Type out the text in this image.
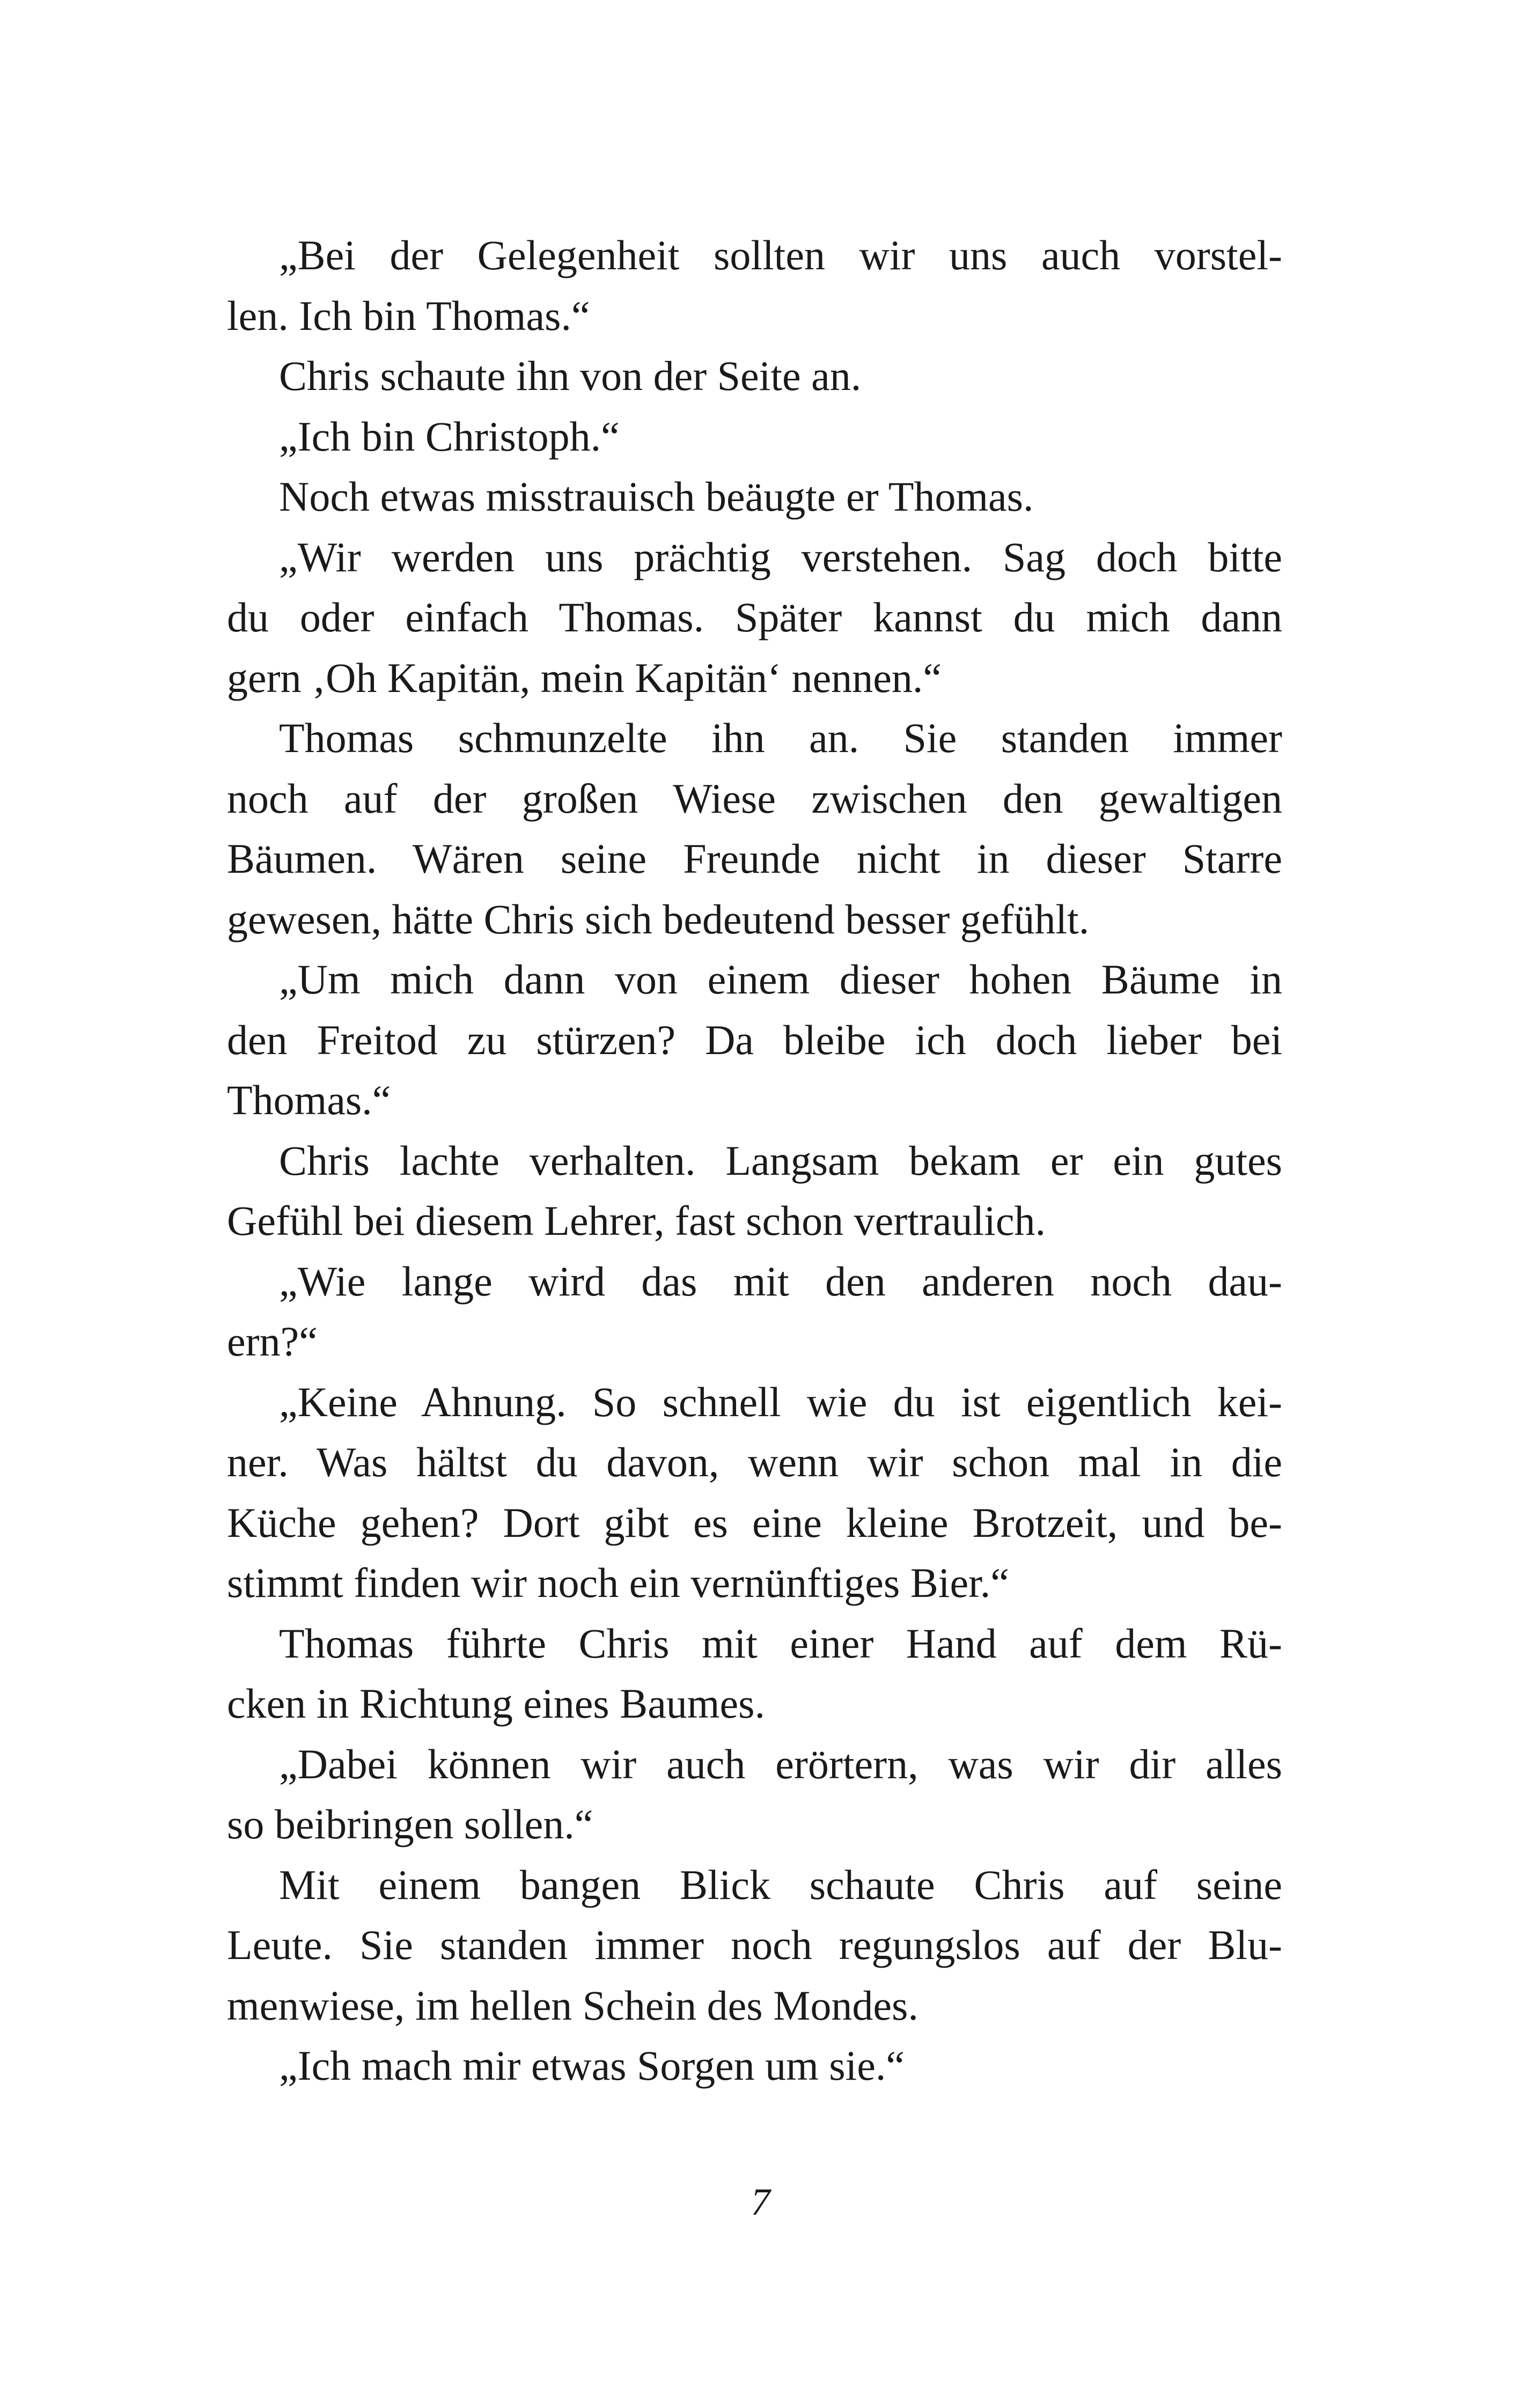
„Bei der Gelegenheit sollten wir uns auch vorstel-
len. Ich bin Thomas.“
Chris schaute ihn von der Seite an.
„Ich bin Christoph.“
Noch etwas misstrauisch beäugte er Thomas.
„Wir werden uns prächtig verstehen. Sag doch bitte
du oder einfach Thomas. Später kannst du mich dann
gern ‚Oh Kapitän, mein Kapitän‘ nennen.“
Thomas schmunzelte ihn an. Sie standen immer
noch auf der großen Wiese zwischen den gewaltigen
Bäumen. Wären seine Freunde nicht in dieser Starre
gewesen, hätte Chris sich bedeutend besser gefühlt.
„Um mich dann von einem dieser hohen Bäume in
den Freitod zu stürzen? Da bleibe ich doch lieber bei
Thomas.“
Chris lachte verhalten. Langsam bekam er ein gutes
Gefühl bei diesem Lehrer, fast schon vertraulich.
„Wie lange wird das mit den anderen noch dau-
ern?“
„Keine Ahnung. So schnell wie du ist eigentlich kei-
ner. Was hältst du davon, wenn wir schon mal in die
Küche gehen? Dort gibt es eine kleine Brotzeit, und be-
stimmt finden wir noch ein vernünftiges Bier.“
Thomas führte Chris mit einer Hand auf dem Rü-
cken in Richtung eines Baumes.
„Dabei können wir auch erörtern, was wir dir alles
so beibringen sollen.“
Mit einem bangen Blick schaute Chris auf seine
Leute. Sie standen immer noch regungslos auf der Blu-
menwiese, im hellen Schein des Mondes.
„Ich mach mir etwas Sorgen um sie.“
7
